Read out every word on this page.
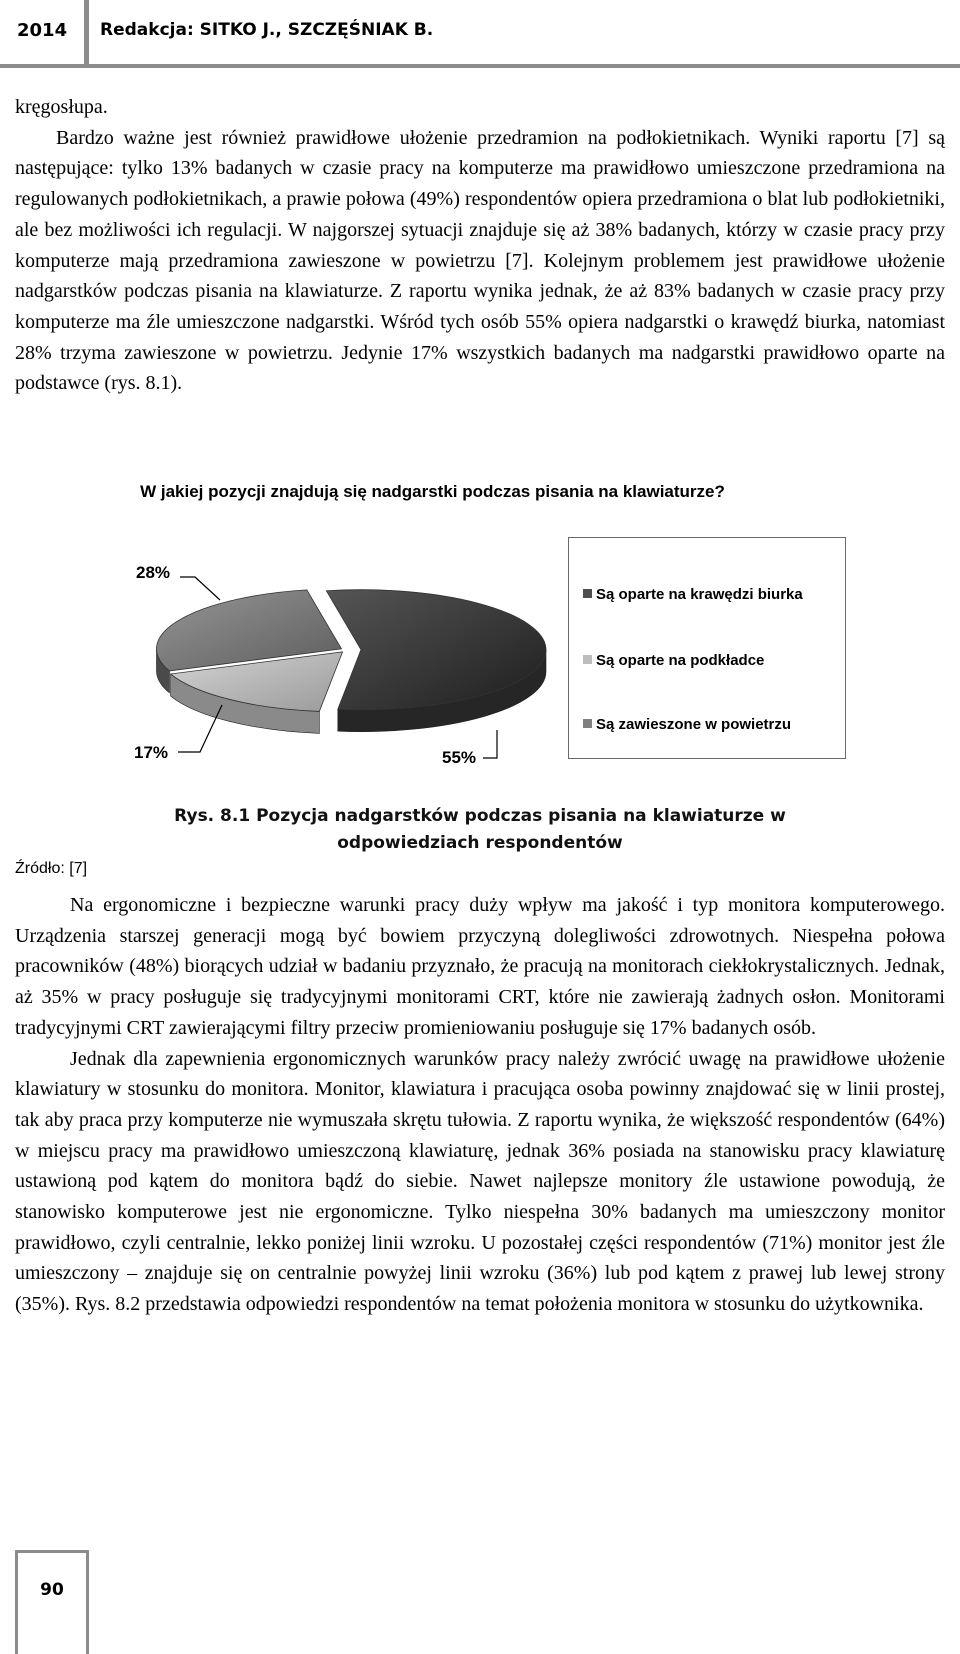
2014 Redakcja: SITKO J., SZCZĘŚNIAK B.
kręgosłupa.
Bardzo ważne jest również prawidłowe ułożenie przedramion na podłokietnikach. Wyniki raportu [7] są następujące: tylko 13% badanych w czasie pracy na komputerze ma prawidłowo umieszczone przedramiona na regulowanych podłokietnikach, a prawie połowa (49%) respondentów opiera przedramiona o blat lub podłokietniki, ale bez możliwości ich regulacji. W najgorszej sytuacji znajduje się aż 38% badanych, którzy w czasie pracy przy komputerze mają przedramiona zawieszone w powietrzu [7]. Kolejnym problemem jest prawidłowe ułożenie nadgarstków podczas pisania na klawiaturze. Z raportu wynika jednak, że aż 83% badanych w czasie pracy przy komputerze ma źle umieszczone nadgarstki. Wśród tych osób 55% opiera nadgarstki o krawędź biurka, natomiast 28% trzyma zawieszone w powietrzu. Jedynie 17% wszystkich badanych ma nadgarstki prawidłowo oparte na podstawce (rys. 8.1).
W jakiej pozycji znajdują się nadgarstki podczas pisania na klawiaturze?
28%
17%	55%
Są oparte na krawędzi biurka
Są oparte na podkładce
Są zawieszone w powietrzu
Rys. 8.1 Pozycja nadgarstków podczas pisania na klawiaturze w odpowiedziach respondentów
Źródło: [7]
Na ergonomiczne i bezpieczne warunki pracy duży wpływ ma jakość i typ monitora komputerowego. Urządzenia starszej generacji mogą być bowiem przyczyną dolegliwości zdrowotnych. Niespełna połowa pracowników (48%) biorących udział w badaniu przyznało, że pracują na monitorach ciekłokrystalicznych. Jednak, aż 35% w pracy posługuje się tradycyjnymi monitorami CRT, które nie zawierają żadnych osłon. Monitorami tradycyjnymi CRT zawierającymi filtry przeciw promieniowaniu posługuje się 17% badanych osób.
Jednak dla zapewnienia ergonomicznych warunków pracy należy zwrócić uwagę na prawidłowe ułożenie klawiatury w stosunku do monitora. Monitor, klawiatura i pracująca osoba powinny znajdować się w linii prostej, tak aby praca przy komputerze nie wymuszała skrętu tułowia. Z raportu wynika, że większość respondentów (64%) w miejscu pracy ma prawidłowo umieszczoną klawiaturę, jednak 36% posiada na stanowisku pracy klawiaturę ustawioną pod kątem do monitora bądź do siebie. Nawet najlepsze monitory źle ustawione powodują, że stanowisko komputerowe jest nie ergonomiczne. Tylko niespełna 30% badanych ma umieszczony monitor prawidłowo, czyli centralnie, lekko poniżej linii wzroku. U pozostałej części respondentów (71%) monitor jest źle umieszczony – znajduje się on centralnie powyżej linii wzroku (36%) lub pod kątem z prawej lub lewej strony (35%). Rys. 8.2 przedstawia odpowiedzi respondentów na temat położenia monitora w stosunku do użytkownika.
90
